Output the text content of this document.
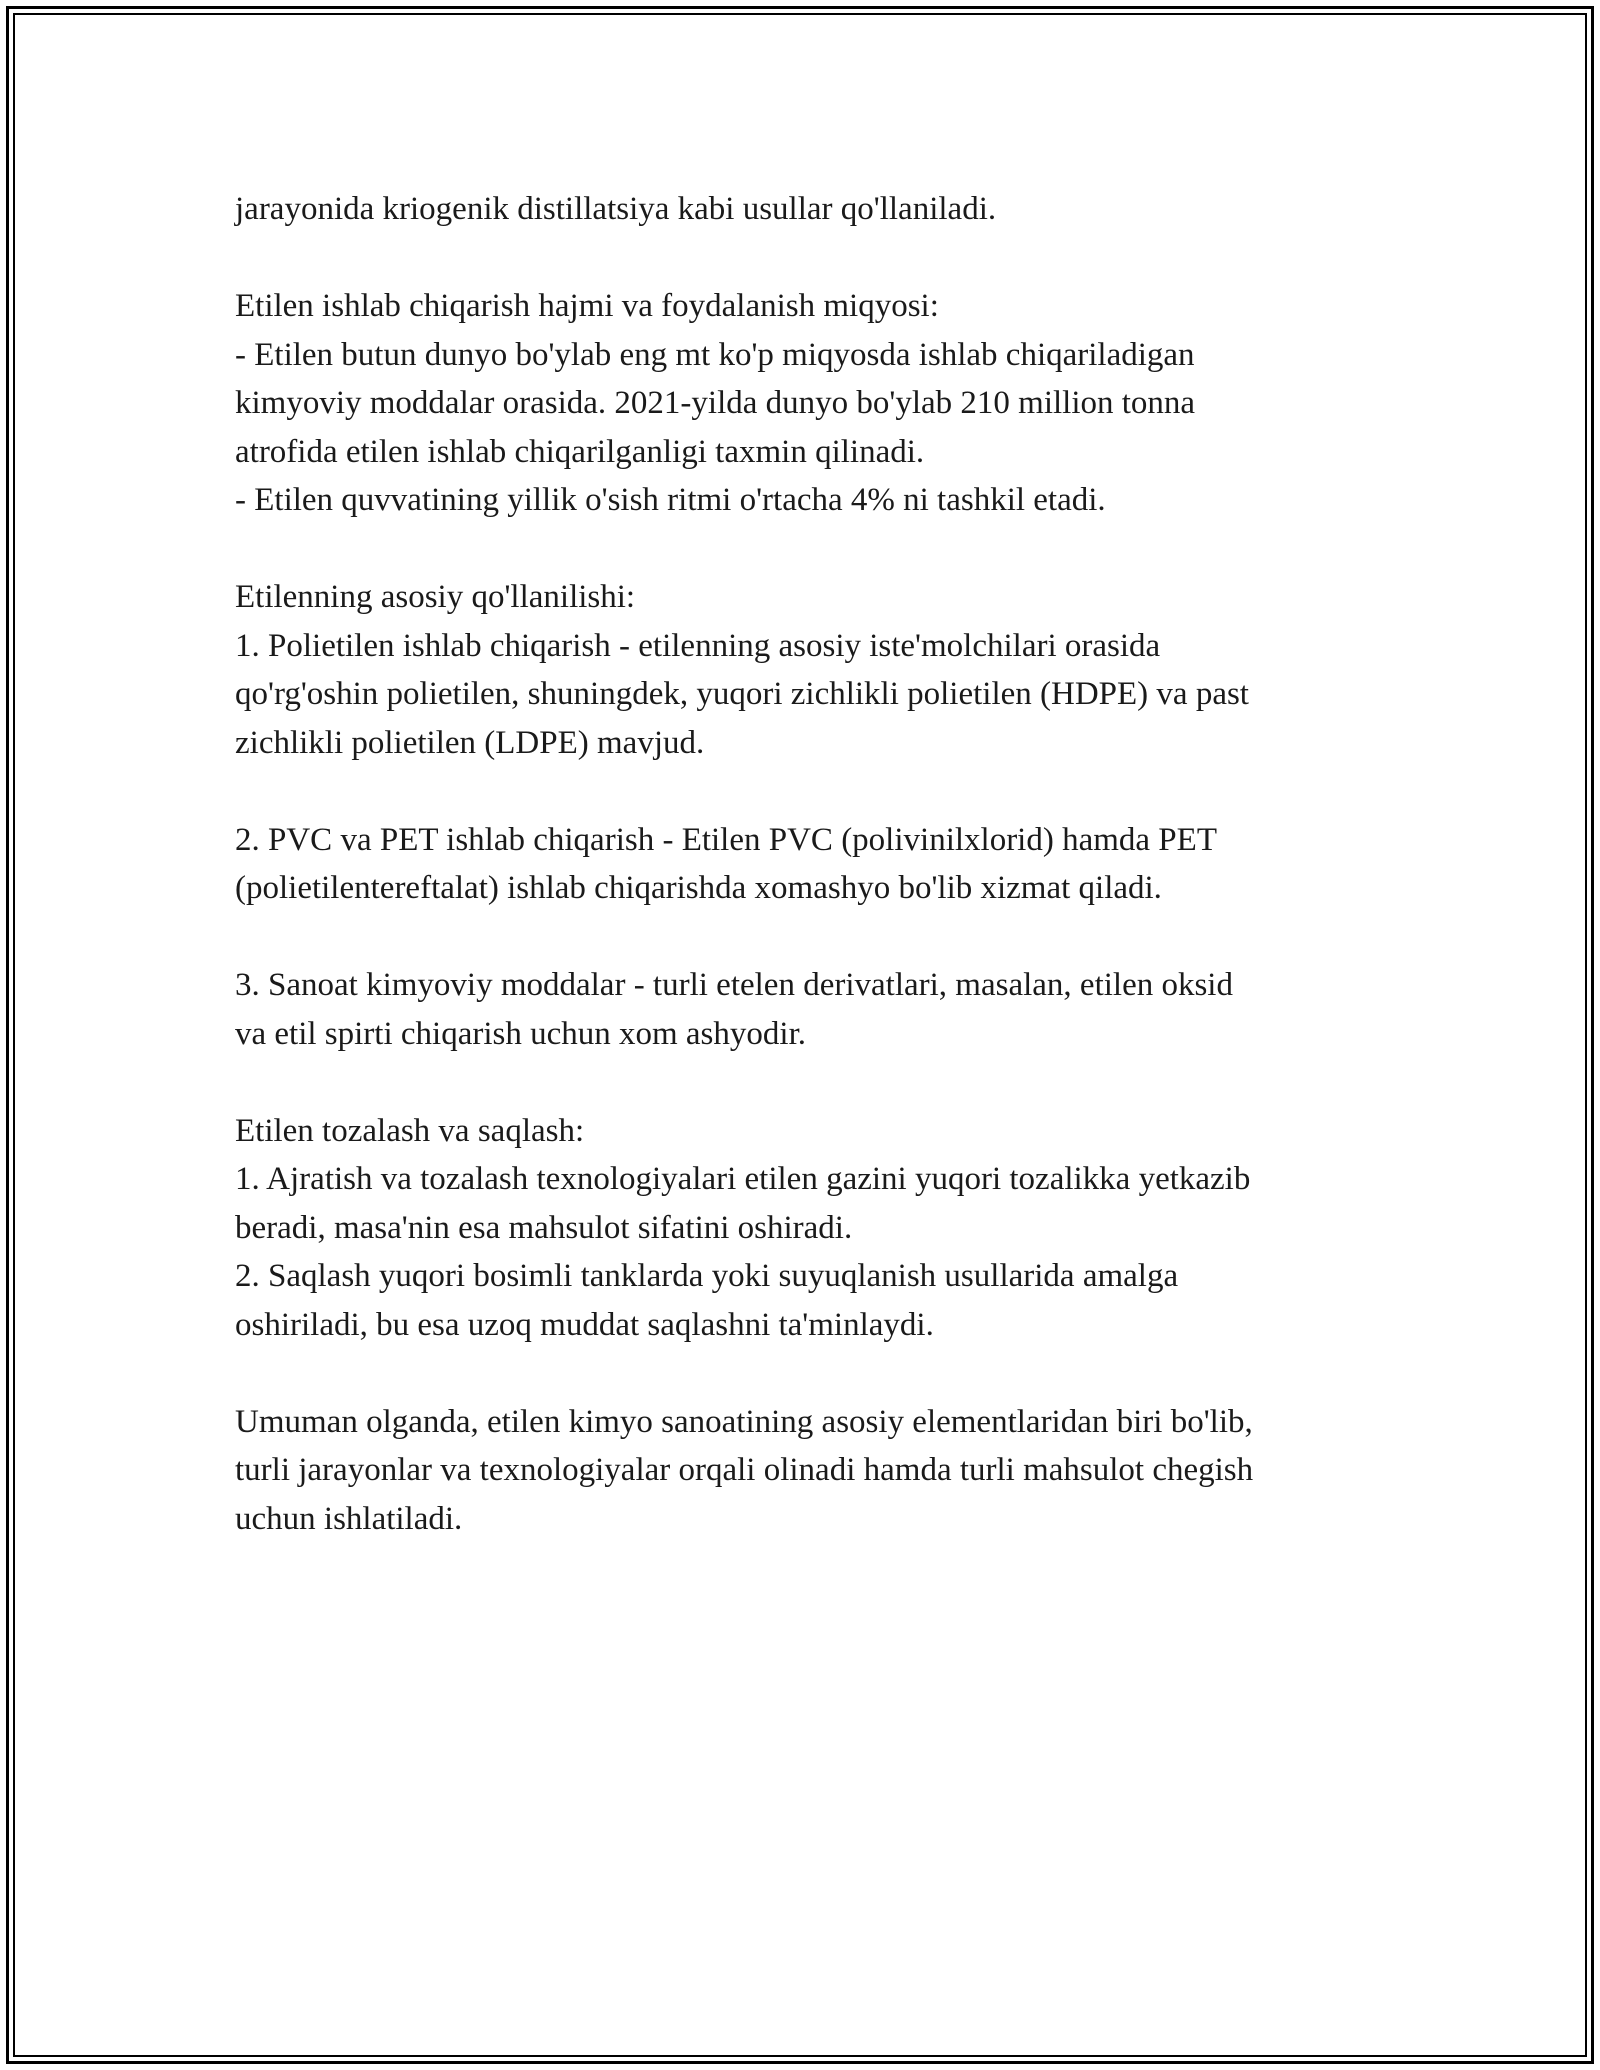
jarayonida kriogenik distillatsiya kabi usullar qo'llaniladi.

Etilen ishlab chiqarish hajmi va foydalanish miqyosi:
- Etilen butun dunyo bo'ylab eng mt ko'p miqyosda ishlab chiqariladigan
kimyoviy moddalar orasida. 2021-yilda dunyo bo'ylab 210 million tonna
atrofida etilen ishlab chiqarilganligi taxmin qilinadi.
- Etilen quvvatining yillik o'sish ritmi o'rtacha 4% ni tashkil etadi.

Etilenning asosiy qo'llanilishi:
1. Polietilen ishlab chiqarish - etilenning asosiy iste'molchilari orasida
qo'rg'oshin polietilen, shuningdek, yuqori zichlikli polietilen (HDPE) va past
zichlikli polietilen (LDPE) mavjud.

2. PVC va PET ishlab chiqarish - Etilen PVC (polivinilxlorid) hamda PET
(polietilentereftalat) ishlab chiqarishda xomashyo bo'lib xizmat qiladi.

3. Sanoat kimyoviy moddalar - turli etelen derivatlari, masalan, etilen oksid
va etil spirti chiqarish uchun xom ashyodir.

Etilen tozalash va saqlash:
1. Ajratish va tozalash texnologiyalari etilen gazini yuqori tozalikka yetkazib
beradi, masa'nin esa mahsulot sifatini oshiradi.
2. Saqlash yuqori bosimli tanklarda yoki suyuqlanish usullarida amalga
oshiriladi, bu esa uzoq muddat saqlashni ta'minlaydi.

Umuman olganda, etilen kimyo sanoatining asosiy elementlaridan biri bo'lib,
turli jarayonlar va texnologiyalar orqali olinadi hamda turli mahsulot chegish
uchun ishlatiladi.
